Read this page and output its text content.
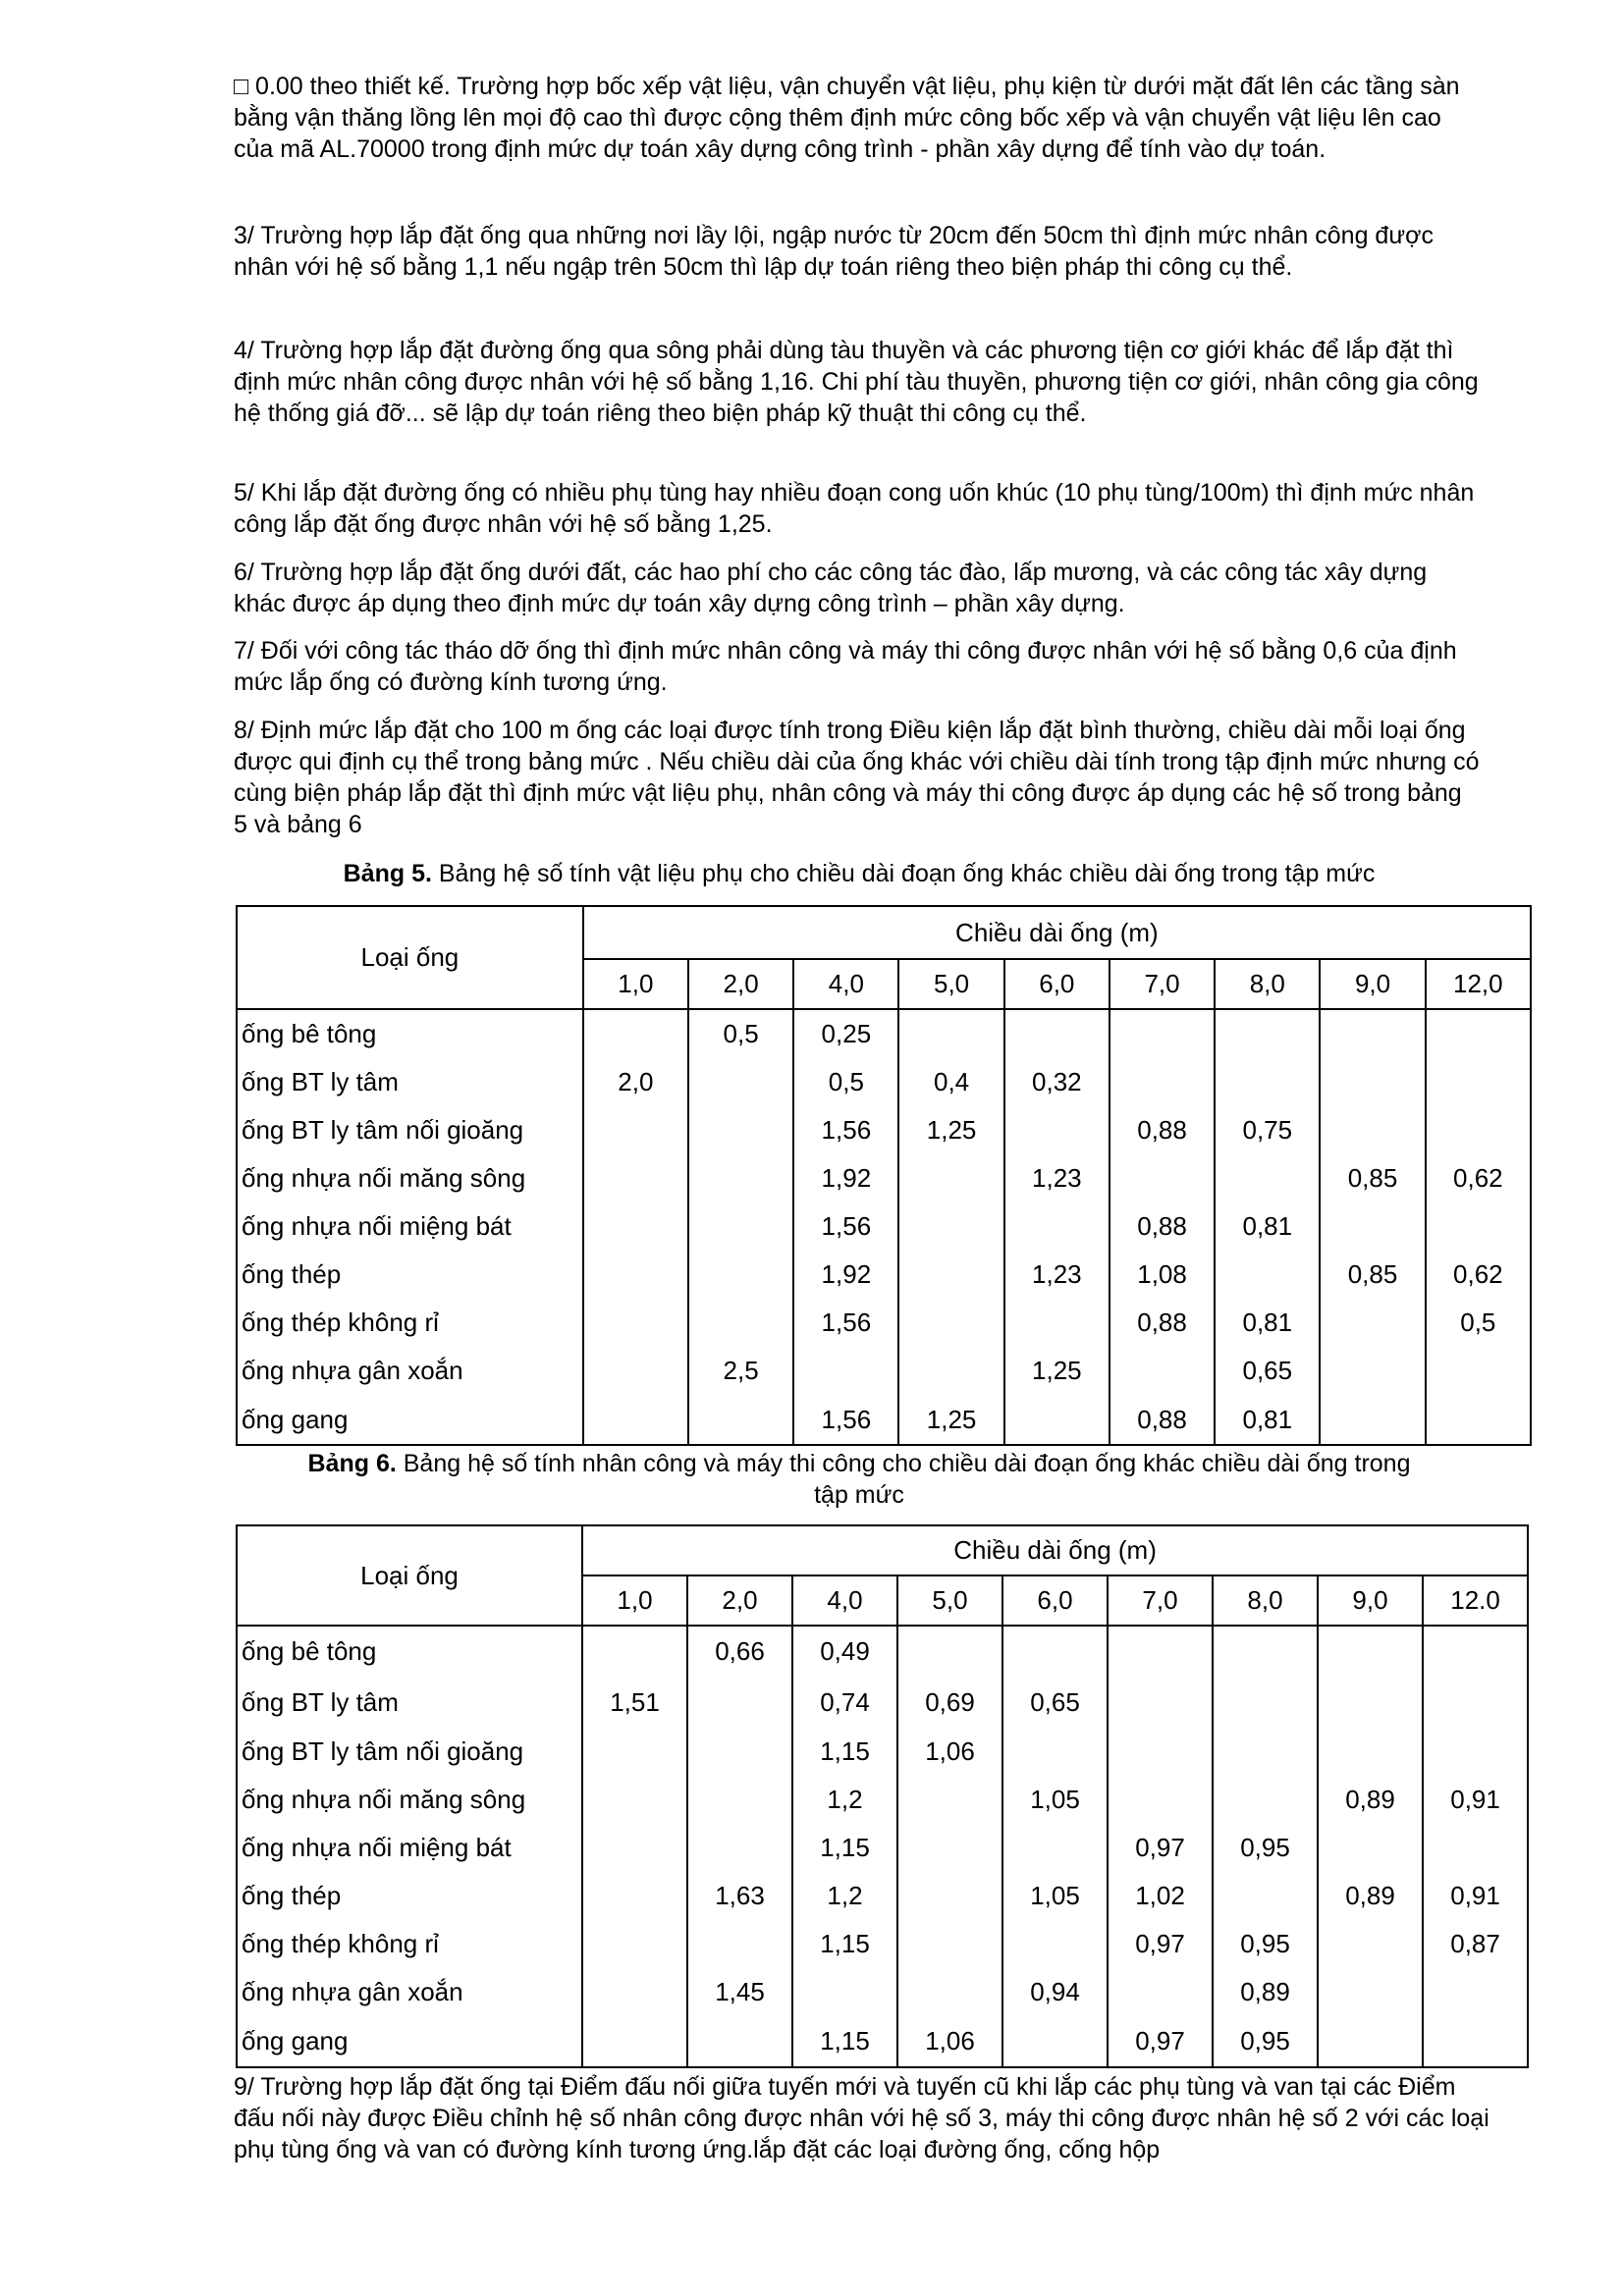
□ 0.00 theo thiết kế. Trường hợp bốc xếp vật liệu, vận chuyển vật liệu, phụ kiện từ dưới mặt đất lên các tầng sàn bằng vận thăng lồng lên mọi độ cao thì được cộng thêm định mức công bốc xếp và vận chuyển vật liệu lên cao của mã AL.70000 trong định mức dự toán xây dựng công trình - phần xây dựng để tính vào dự toán.

3/ Trường hợp lắp đặt ống qua những nơi lầy lội, ngập nước từ 20cm đến 50cm thì định mức nhân công được nhân với hệ số bằng 1,1 nếu ngập trên 50cm thì lập dự toán riêng theo biện pháp thi công cụ thể.

4/ Trường hợp lắp đặt đường ống qua sông phải dùng tàu thuyền và các phương tiện cơ giới khác để lắp đặt thì định mức nhân công được nhân với hệ số bằng 1,16. Chi phí tàu thuyền, phương tiện cơ giới, nhân công gia công hệ thống giá đỡ... sẽ lập dự toán riêng theo biện pháp kỹ thuật thi công cụ thể.

5/ Khi lắp đặt đường ống có nhiều phụ tùng hay nhiều đoạn cong uốn khúc (10 phụ tùng/100m) thì định mức nhân công lắp đặt ống được nhân với hệ số bằng 1,25.

6/ Trường hợp lắp đặt ống dưới đất, các hao phí cho các công tác đào, lấp mương, và các công tác xây dựng khác được áp dụng theo định mức dự toán xây dựng công trình – phần xây dựng.

7/ Đối với công tác tháo dỡ ống thì định mức nhân công và máy thi công được nhân với hệ số bằng 0,6 của định mức lắp ống có đường kính tương ứng.

8/ Định mức lắp đặt cho 100 m ống các loại được tính trong Điều kiện lắp đặt bình thường, chiều dài mỗi loại ống được qui định cụ thể trong bảng mức . Nếu chiều dài của ống khác với chiều dài tính trong tập định mức nhưng có cùng biện pháp lắp đặt thì định mức vật liệu phụ, nhân công và máy thi công được áp dụng các hệ số trong bảng 5 và bảng 6

Bảng 5. Bảng hệ số tính vật liệu phụ cho chiều dài đoạn ống khác chiều dài ống trong tập mức

Loại ống	Chiều dài ống (m)								
	1,0	2,0	4,0	5,0	6,0	7,0	8,0	9,0	12,0
ống bê tông		0,5	0,25						
ống BT ly tâm	2,0		0,5	0,4	0,32				
ống BT ly tâm nối gioăng			1,56	1,25		0,88	0,75		
ống nhựa nối măng sông			1,92		1,23			0,85	0,62
ống nhựa nối miệng bát			1,56			0,88	0,81		
ống thép			1,92		1,23	1,08		0,85	0,62
ống thép không rỉ			1,56			0,88	0,81		0,5
ống nhựa gân xoắn		2,5			1,25		0,65		
ống gang			1,56	1,25		0,88	0,81		

Bảng 6. Bảng hệ số tính nhân công và máy thi công cho chiều dài đoạn ống khác chiều dài ống trong
tập mức

Loại ống	Chiều dài ống (m)								
	1,0	2,0	4,0	5,0	6,0	7,0	8,0	9,0	12.0
ống bê tông		0,66	0,49						
ống BT ly tâm	1,51		0,74	0,69	0,65				
ống BT ly tâm nối gioăng			1,15	1,06					
ống nhựa nối măng sông			1,2		1,05			0,89	0,91
ống nhựa nối miệng bát			1,15			0,97	0,95		
ống thép		1,63	1,2		1,05	1,02		0,89	0,91
ống thép không rỉ			1,15			0,97	0,95		0,87
ống nhựa gân xoắn		1,45			0,94		0,89		
ống gang			1,15	1,06		0,97	0,95		

9/ Trường hợp lắp đặt ống tại Điểm đấu nối giữa tuyến mới và tuyến cũ khi lắp các phụ tùng và van tại các Điểm đấu nối này được Điều chỉnh hệ số nhân công được nhân với hệ số 3, máy thi công được nhân hệ số 2 với các loại phụ tùng ống và van có đường kính tương ứng.lắp đặt các loại đường ống, cống hộp
